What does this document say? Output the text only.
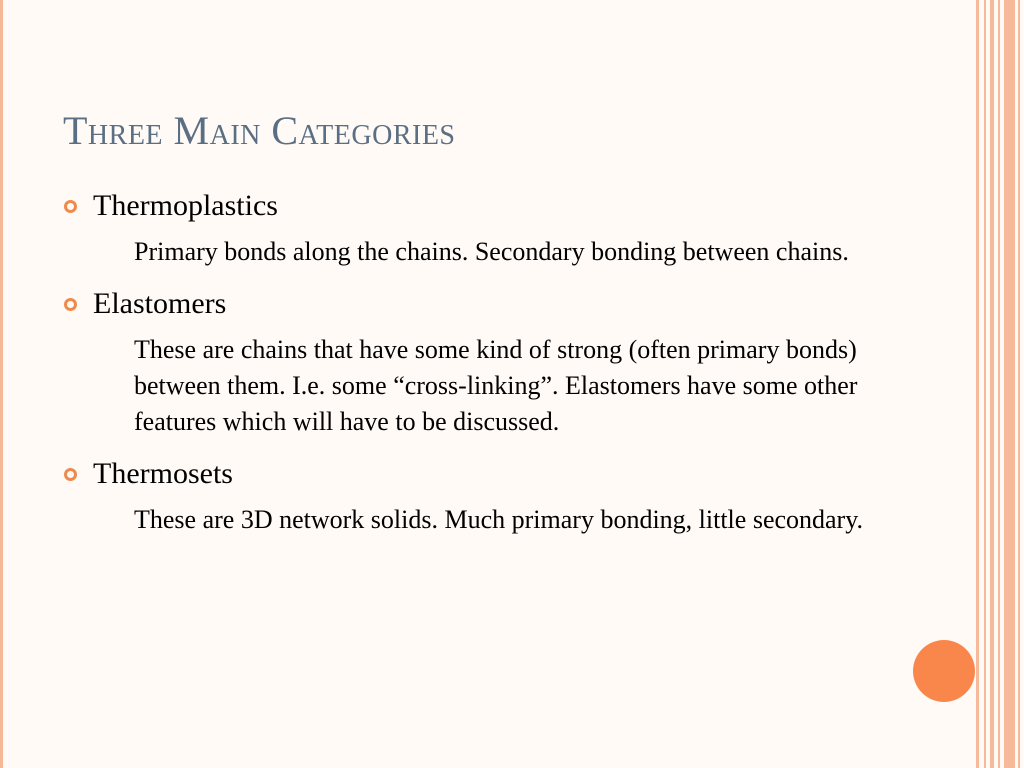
Three Main Categories
Thermoplastics
Primary bonds along the chains. Secondary bonding between chains.
Elastomers
These are chains that have some kind of strong (often primary bonds) between them. I.e. some “cross-linking”. Elastomers have some other features which will have to be discussed.
Thermosets
These are 3D network solids. Much primary bonding, little secondary.
